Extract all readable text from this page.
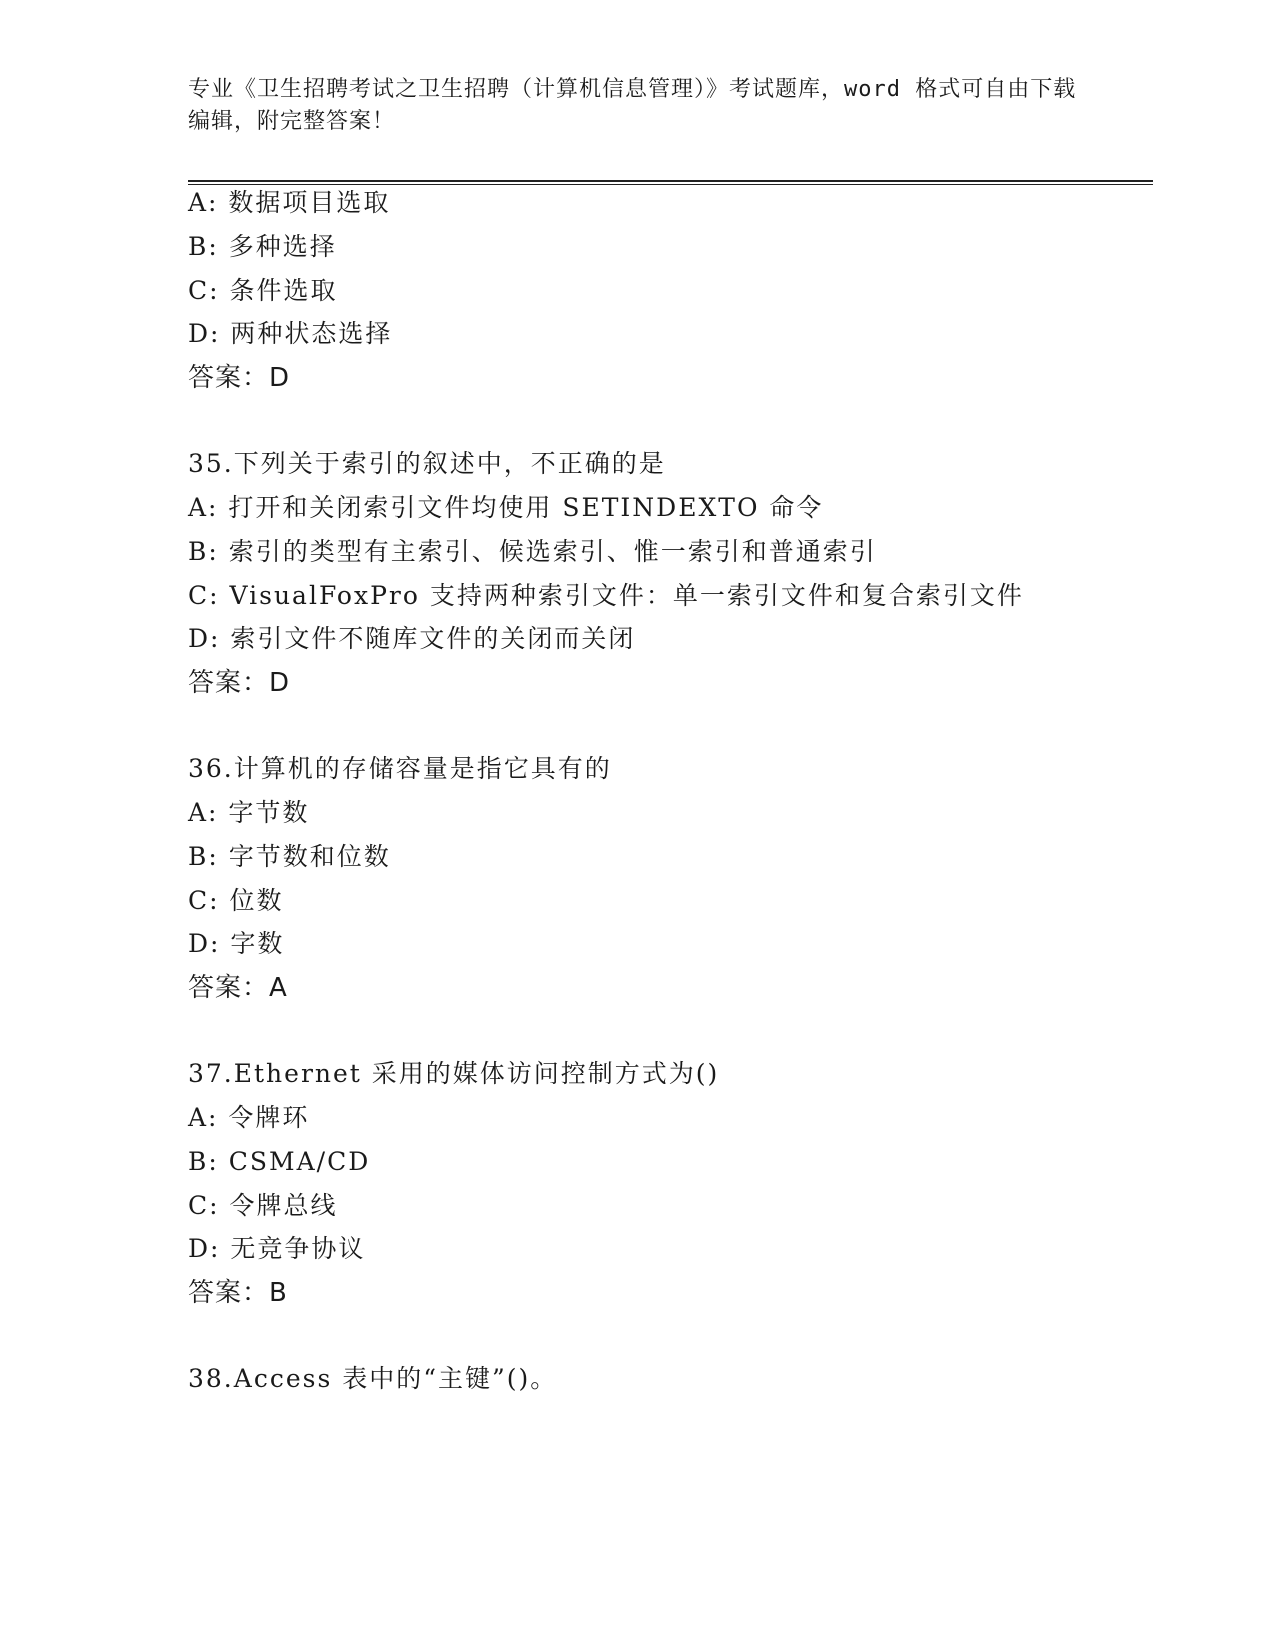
专业《卫生招聘考试之卫生招聘（计算机信息管理）》考试题库，word 格式可自由下载编辑，附完整答案！

A: 数据项目选取
B: 多种选择
C: 条件选取
D: 两种状态选择
答案：D
35.下列关于索引的叙述中，不正确的是
A: 打开和关闭索引文件均使用 SETINDEXTO 命令
B: 索引的类型有主索引、候选索引、惟一索引和普通索引
C: VisualFoxPro 支持两种索引文件：单一索引文件和复合索引文件
D: 索引文件不随库文件的关闭而关闭
答案：D
36.计算机的存储容量是指它具有的
A: 字节数
B: 字节数和位数
C: 位数
D: 字数
答案：A
37.Ethernet 采用的媒体访问控制方式为()
A: 令牌环
B: CSMA/CD
C: 令牌总线
D: 无竞争协议
答案：B
38.Access 表中的“主键”()。
